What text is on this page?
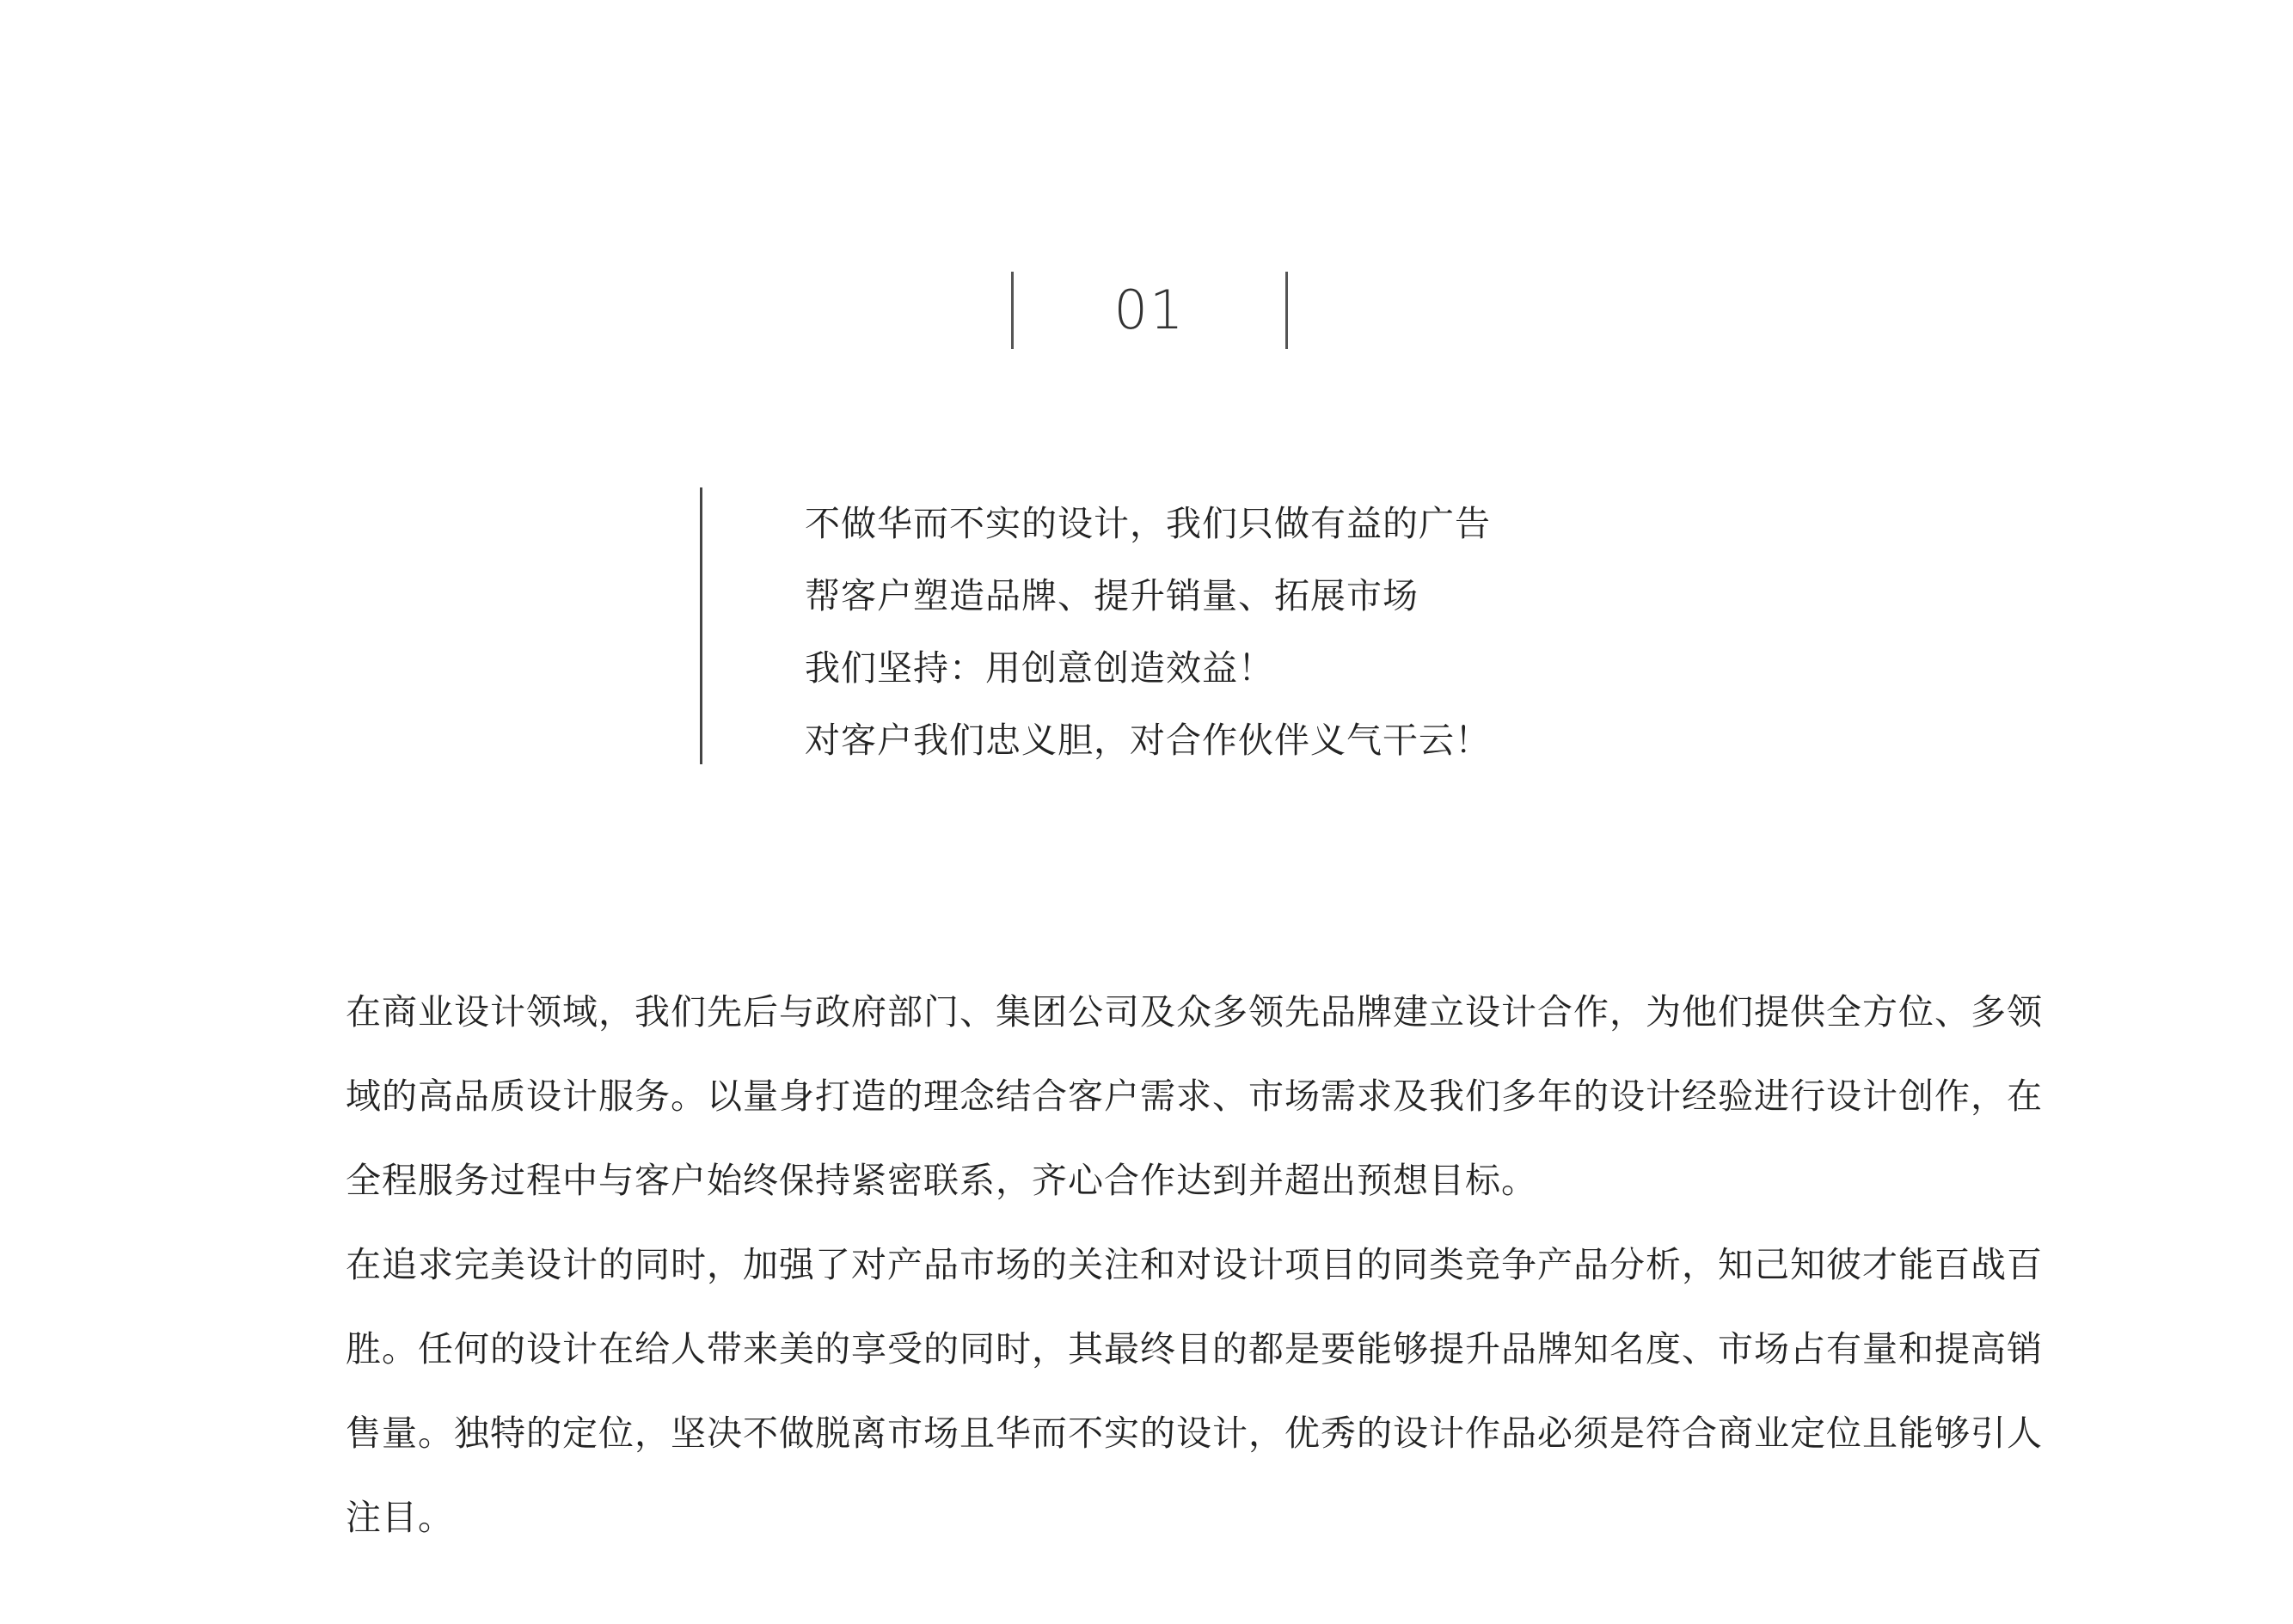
01
不做华而不实的设计，我们只做有益的广告
帮客户塑造品牌、提升销量、拓展市场
我们坚持：用创意创造效益！
对客户我们忠义胆，对合作伙伴义气干云！

在商业设计领域，我们先后与政府部门、集团公司及众多领先品牌建立设计合作，为他们提供全方位、多领域的高品质设计服务。以量身打造的理念结合客户需求、市场需求及我们多年的设计经验进行设计创作，在全程服务过程中与客户始终保持紧密联系，齐心合作达到并超出预想目标。

在追求完美设计的同时，加强了对产品市场的关注和对设计项目的同类竞争产品分析，知己知彼才能百战百胜。任何的设计在给人带来美的享受的同时，其最终目的都是要能够提升品牌知名度、市场占有量和提高销售量。独特的定位，坚决不做脱离市场且华而不实的设计，优秀的设计作品必须是符合商业定位且能够引人注目。
